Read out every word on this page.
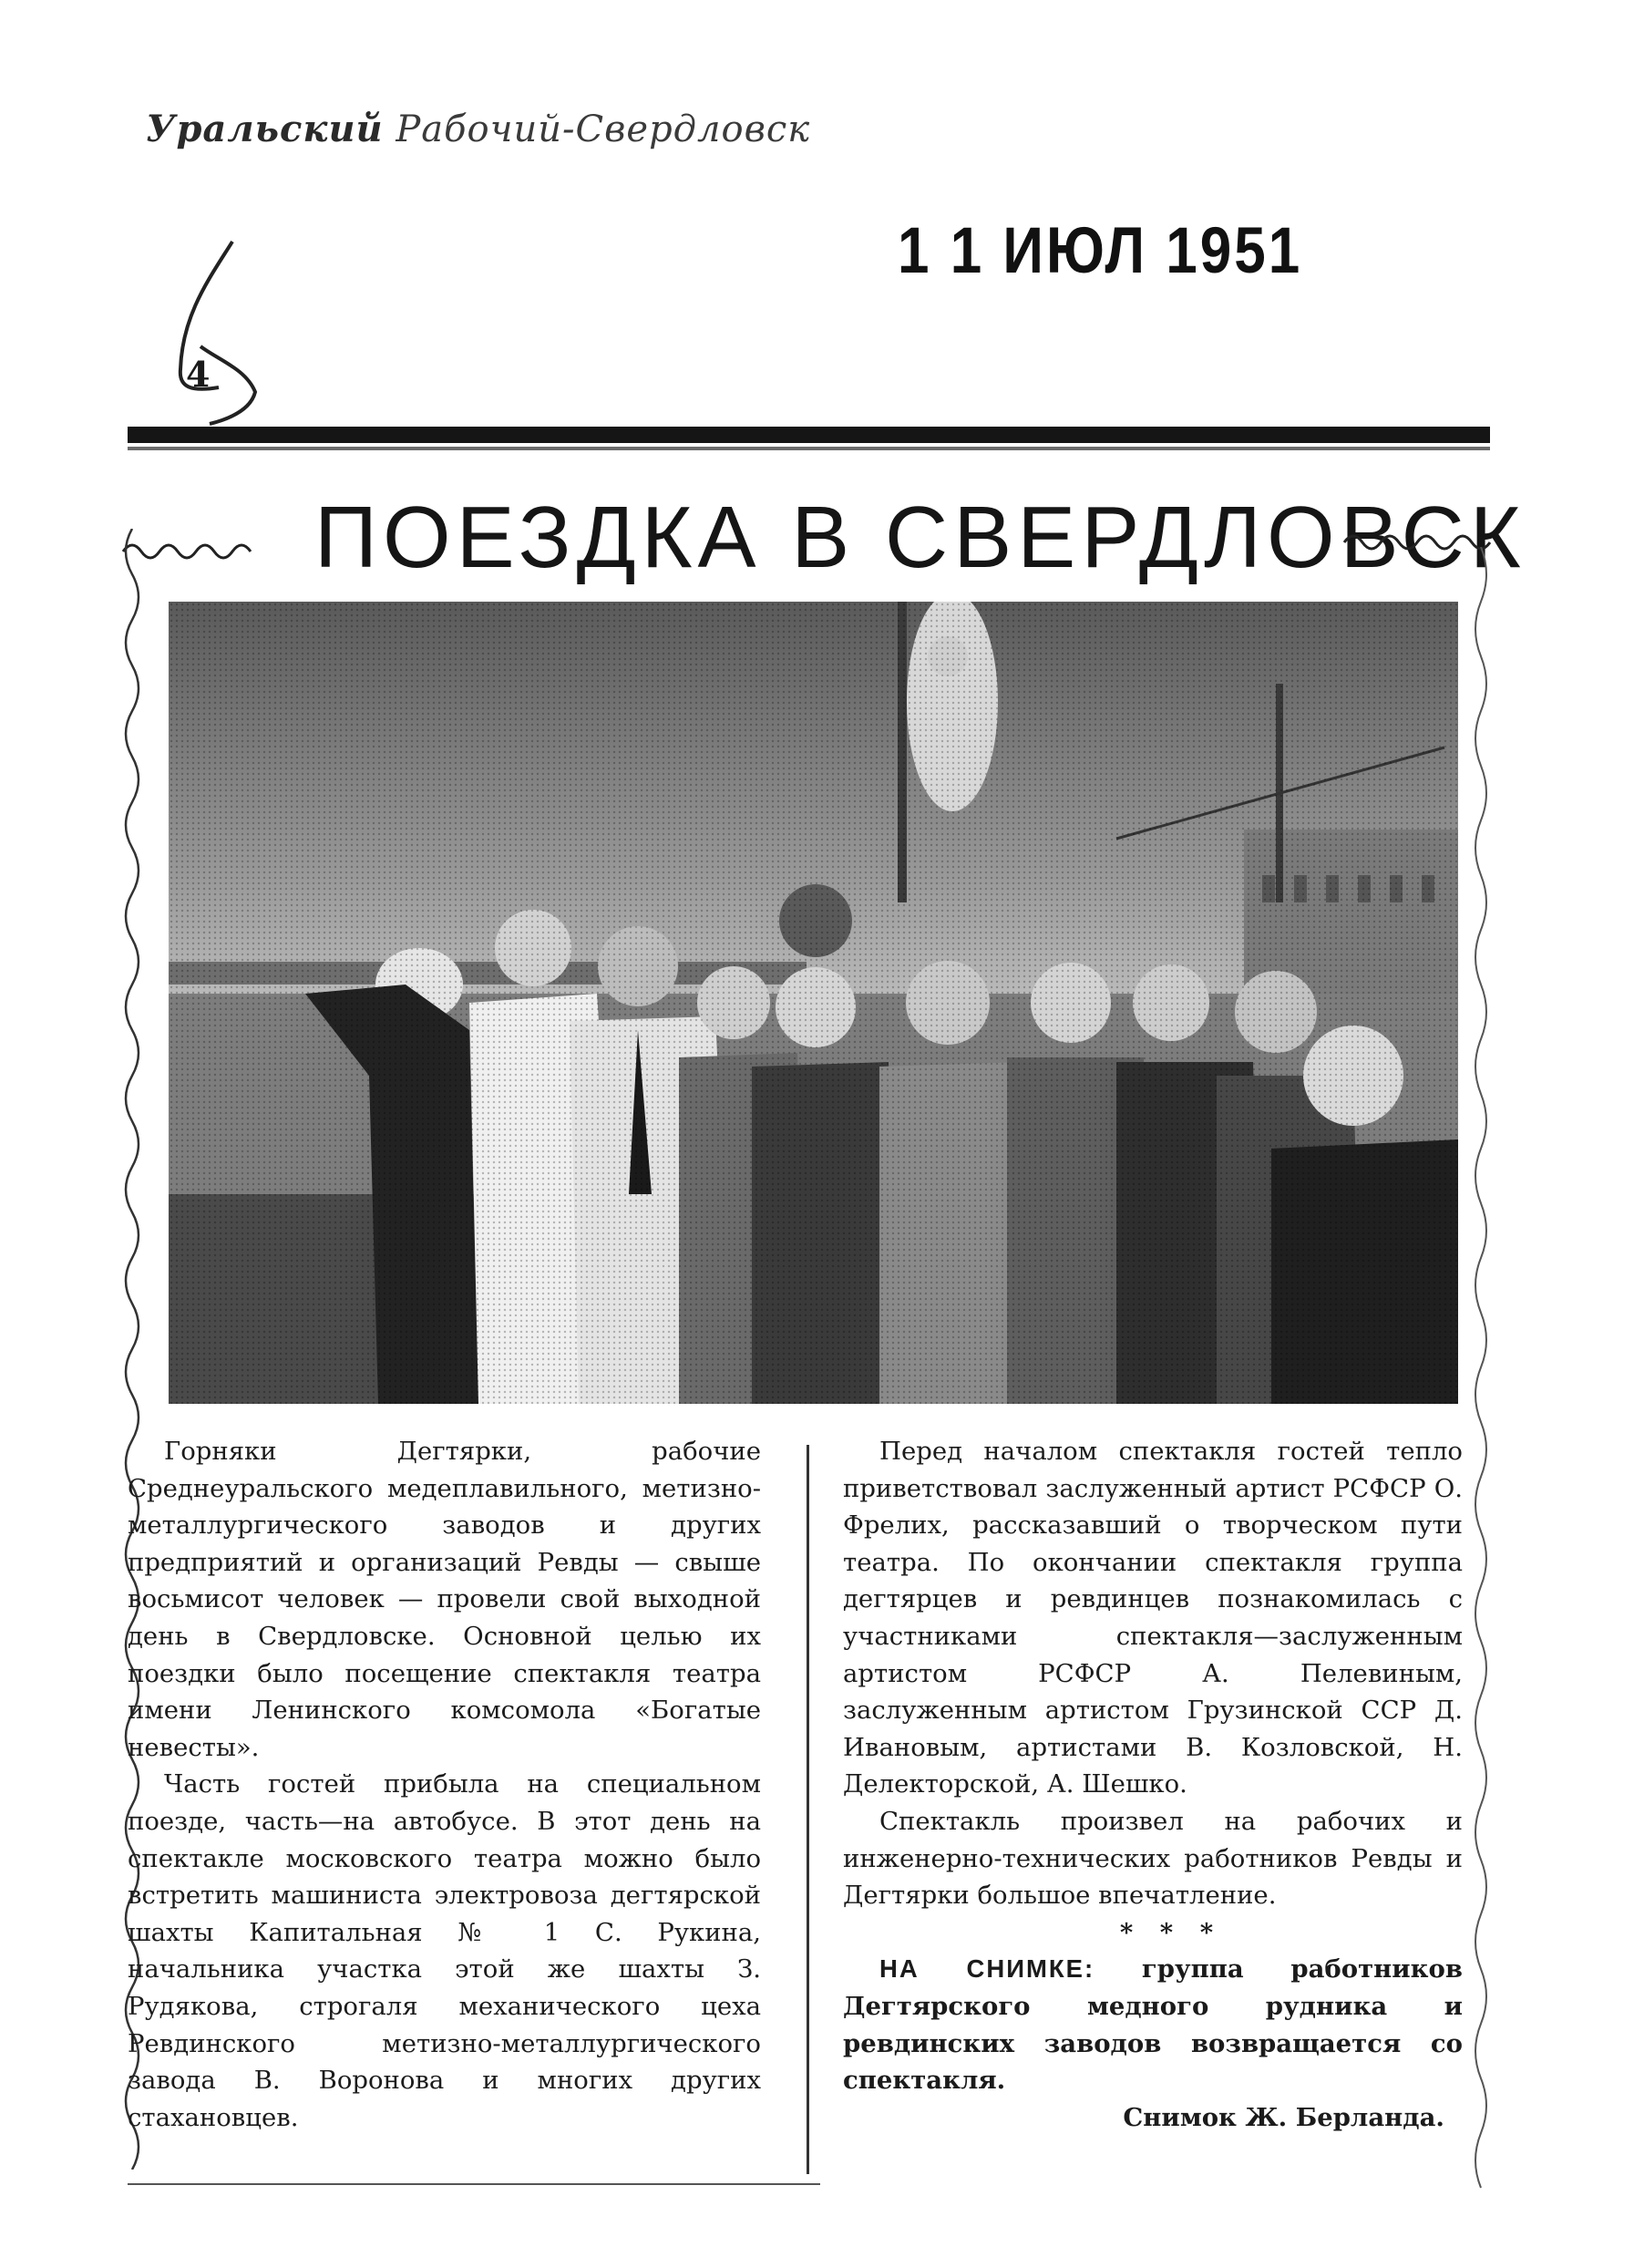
Уральский Рабочий-Свердловск
1 1 ИЮЛ 1951
4
ПОЕЗДКА В СВЕРДЛОВСК

Горняки Дегтярки, рабочие Среднеуральского медеплавильного, метизно-металлургического заводов и других предприятий и организаций Ревды — свыше восьмисот человек — провели свой выходной день в Свердловске. Основной целью их поездки было посещение спектакля театра имени Ленинского комсомола «Богатые невесты».

Часть гостей прибыла на специальном поезде, часть—на автобусе. В этот день на спектакле московского театра можно было встретить машиниста электровоза дегтярской шахты Капитальная № 1 С. Рукина, начальника участка этой же шахты З. Рудякова, строгаля механического цеха Ревдинского метизно-металлургического завода В. Воронова и многих других стахановцев.

Перед началом спектакля гостей тепло приветствовал заслуженный артист РСФСР О. Фрелих, рассказавший о творческом пути театра. По окончании спектакля группа дегтярцев и ревдинцев познакомилась с участниками спектакля—заслуженным артистом РСФСР А. Пелевиным, заслуженным артистом Грузинской ССР Д. Ивановым, артистами В. Козловской, Н. Делекторской, А. Шешко.

Спектакль произвел на рабочих и инженерно-технических работников Ревды и Дегтярки большое впечатление.

* * *

НА СНИМКЕ: группа работников Дегтярского медного рудника и ревдинских заводов возвращается со спектакля.

Снимок Ж. Берланда.
